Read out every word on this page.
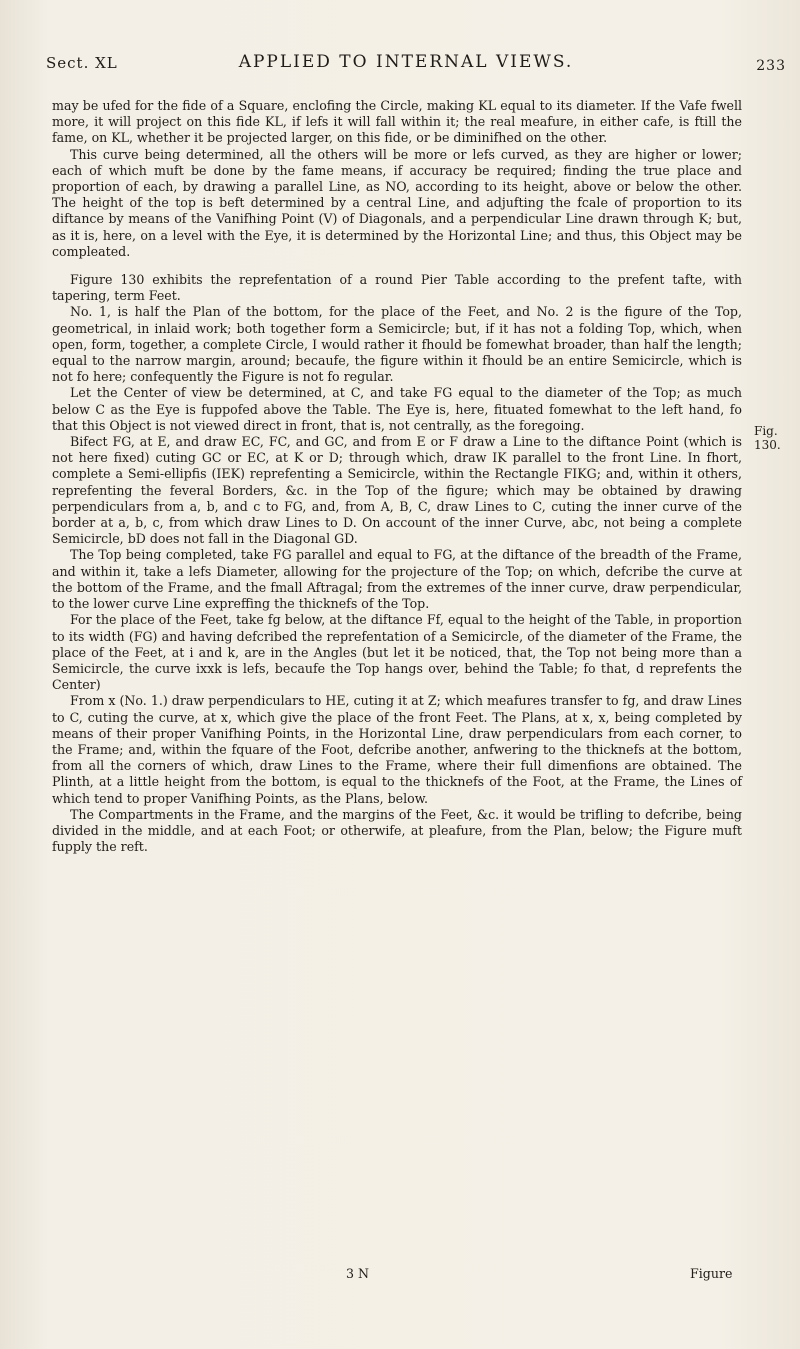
Sect. XL	APPLIED TO INTERNAL VIEWS.	233
Fig. 130.

may be ufed for the fide of a Square, enclofing the Circle, making KL equal to its diameter. If the Vafe fwell more, it will project on this fide KL, if lefs it will fall within it; the real meafure, in either cafe, is ftill the fame, on KL, whether it be projected larger, on this fide, or be diminifhed on the other.

This curve being determined, all the others will be more or lefs curved, as they are higher or lower; each of which muft be done by the fame means, if accuracy be required; finding the true place and proportion of each, by drawing a parallel Line, as NO, according to its height, above or below the other. The height of the top is beft determined by a central Line, and adjufting the fcale of proportion to its diftance by means of the Vanifhing Point (V) of Diagonals, and a perpendicular Line drawn through K; but, as it is, here, on a level with the Eye, it is determined by the Horizontal Line; and thus, this Object may be compleated.

Figure 130 exhibits the reprefentation of a round Pier Table according to the prefent tafte, with tapering, term Feet.

No. 1, is half the Plan of the bottom, for the place of the Feet, and No. 2 is the figure of the Top, geometrical, in inlaid work; both together form a Semicircle; but, if it has not a folding Top, which, when open, form, together, a complete Circle, I would rather it fhould be fomewhat broader, than half the length; equal to the narrow margin, around; becaufe, the figure within it fhould be an entire Semicircle, which is not fo here; confequently the Figure is not fo regular.

Let the Center of view be determined, at C, and take FG equal to the diameter of the Top; as much below C as the Eye is fuppofed above the Table. The Eye is, here, fituated fomewhat to the left hand, fo that this Object is not viewed direct in front, that is, not centrally, as the foregoing.

Bifect FG, at E, and draw EC, FC, and GC, and from E or F draw a Line to the diftance Point (which is not here fixed) cuting GC or EC, at K or D; through which, draw IK parallel to the front Line. In fhort, complete a Semi-ellipfis (IEK) reprefenting a Semicircle, within the Rectangle FIKG; and, within it others, reprefenting the feveral Borders, &c. in the Top of the figure; which may be obtained by drawing perpendiculars from a, b, and c to FG, and, from A, B, C, draw Lines to C, cuting the inner curve of the border at a, b, c, from which draw Lines to D. On account of the inner Curve, abc, not being a complete Semicircle, bD does not fall in the Diagonal GD.

The Top being completed, take FG parallel and equal to FG, at the diftance of the breadth of the Frame, and within it, take a lefs Diameter, allowing for the projecture of the Top; on which, defcribe the curve at the bottom of the Frame, and the fmall Aftragal; from the extremes of the inner curve, draw perpendicular, to the lower curve Line expreffing the thicknefs of the Top.

For the place of the Feet, take fg below, at the diftance Ff, equal to the height of the Table, in proportion to its width (FG) and having defcribed the reprefentation of a Semicircle, of the diameter of the Frame, the place of the Feet, at i and k, are in the Angles (but let it be noticed, that, the Top not being more than a Semicircle, the curve ixxk is lefs, becaufe the Top hangs over, behind the Table; fo that, d reprefents the Center)

From x (No. 1.) draw perpendiculars to HE, cuting it at Z; which meafures transfer to fg, and draw Lines to C, cuting the curve, at x, which give the place of the front Feet. The Plans, at x, x, being completed by means of their proper Vanifhing Points, in the Horizontal Line, draw perpendiculars from each corner, to the Frame; and, within the fquare of the Foot, defcribe another, anfwering to the thicknefs at the bottom, from all the corners of which, draw Lines to the Frame, where their full dimenfions are obtained. The Plinth, at a little height from the bottom, is equal to the thicknefs of the Foot, at the Frame, the Lines of which tend to proper Vanifhing Points, as the Plans, below.

The Compartments in the Frame, and the margins of the Feet, &c. it would be trifling to defcribe, being divided in the middle, and at each Foot; or otherwife, at pleafure, from the Plan, below; the Figure muft fupply the reft.

3 N	Figure
